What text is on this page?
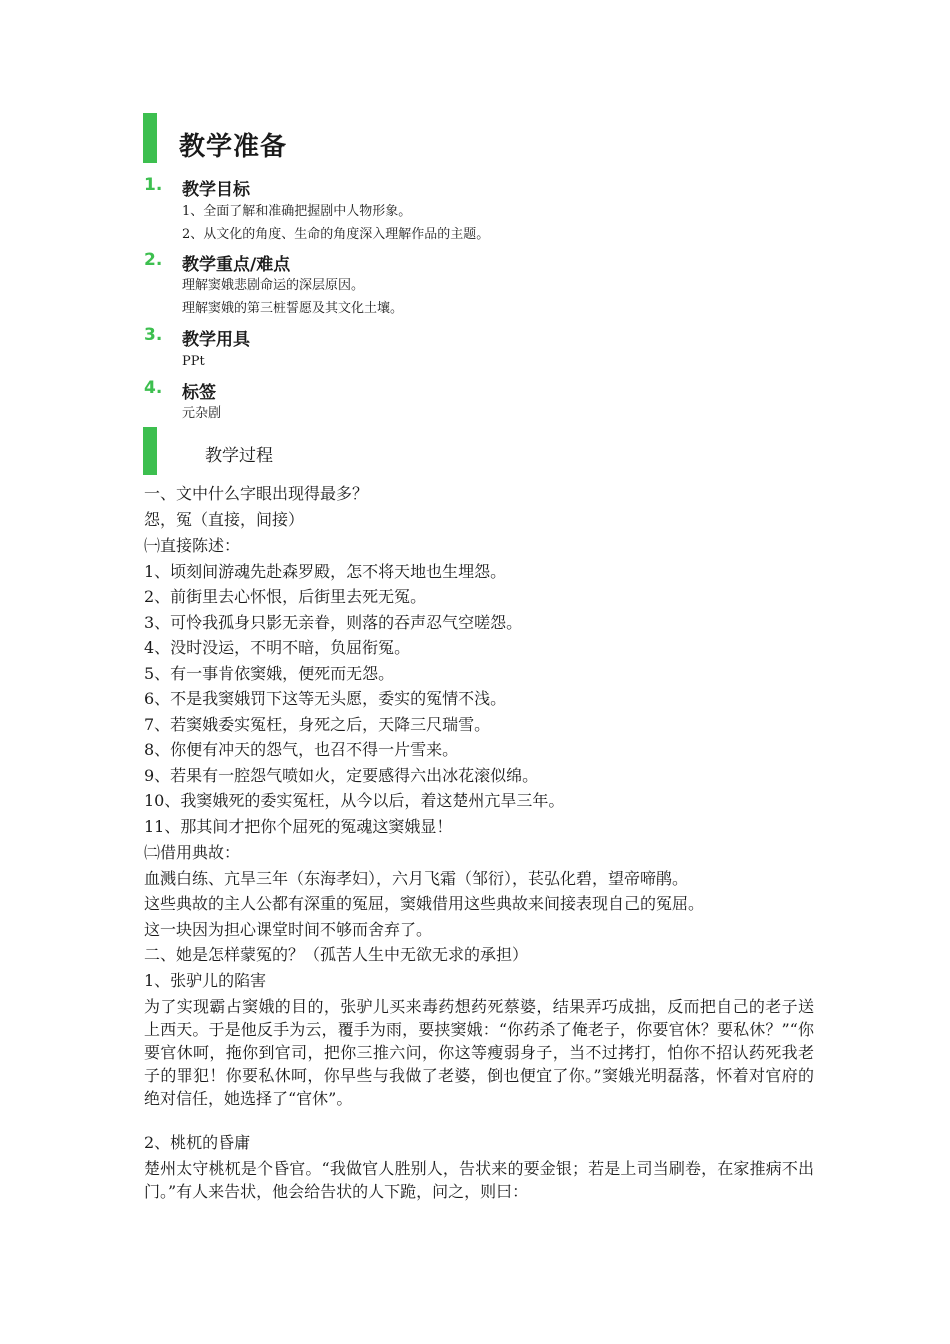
教学准备
1. 教学目标
1、全面了解和准确把握剧中人物形象。
2、从文化的角度、生命的角度深入理解作品的主题。
2. 教学重点/难点
理解窦娥悲剧命运的深层原因。
理解窦娥的第三桩誓愿及其文化土壤。
3. 教学用具
PPt
4. 标签
元杂剧
教学过程
一、文中什么字眼出现得最多？
怨，冤（直接，间接）
㈠直接陈述：
1、顷刻间游魂先赴森罗殿，怎不将天地也生埋怨。
2、前街里去心怀恨，后街里去死无冤。
3、可怜我孤身只影无亲眷，则落的吞声忍气空嗟怨。
4、没时没运，不明不暗，负屈衔冤。
5、有一事肯依窦娥，便死而无怨。
6、不是我窦娥罚下这等无头愿，委实的冤情不浅。
7、若窦娥委实冤枉，身死之后，天降三尺瑞雪。
8、你便有冲天的怨气，也召不得一片雪来。
9、若果有一腔怨气喷如火，定要感得六出冰花滚似绵。
10、我窦娥死的委实冤枉，从今以后，着这楚州亢旱三年。
11、那其间才把你个屈死的冤魂这窦娥显！
㈡借用典故：
血溅白练、亢旱三年（东海孝妇），六月飞霜（邹衍），苌弘化碧，望帝啼鹃。
这些典故的主人公都有深重的冤屈，窦娥借用这些典故来间接表现自己的冤屈。
这一块因为担心课堂时间不够而舍弃了。
二、她是怎样蒙冤的？（孤苦人生中无欲无求的承担）
1、张驴儿的陷害
为了实现霸占窦娥的目的，张驴儿买来毒药想药死蔡婆，结果弄巧成拙，反而把自己的老子送上西天。于是他反手为云，覆手为雨，要挟窦娥：“你药杀了俺老子，你要官休？要私休？”“你要官休呵，拖你到官司，把你三推六问，你这等瘦弱身子，当不过拷打，怕你不招认药死我老子的罪犯！你要私休呵，你早些与我做了老婆，倒也便宜了你。”窦娥光明磊落，怀着对官府的绝对信任，她选择了“官休”。
2、桃杌的昏庸
楚州太守桃杌是个昏官。“我做官人胜别人，告状来的要金银；若是上司当刷卷，在家推病不出门。”有人来告状，他会给告状的人下跪，问之，则曰：
